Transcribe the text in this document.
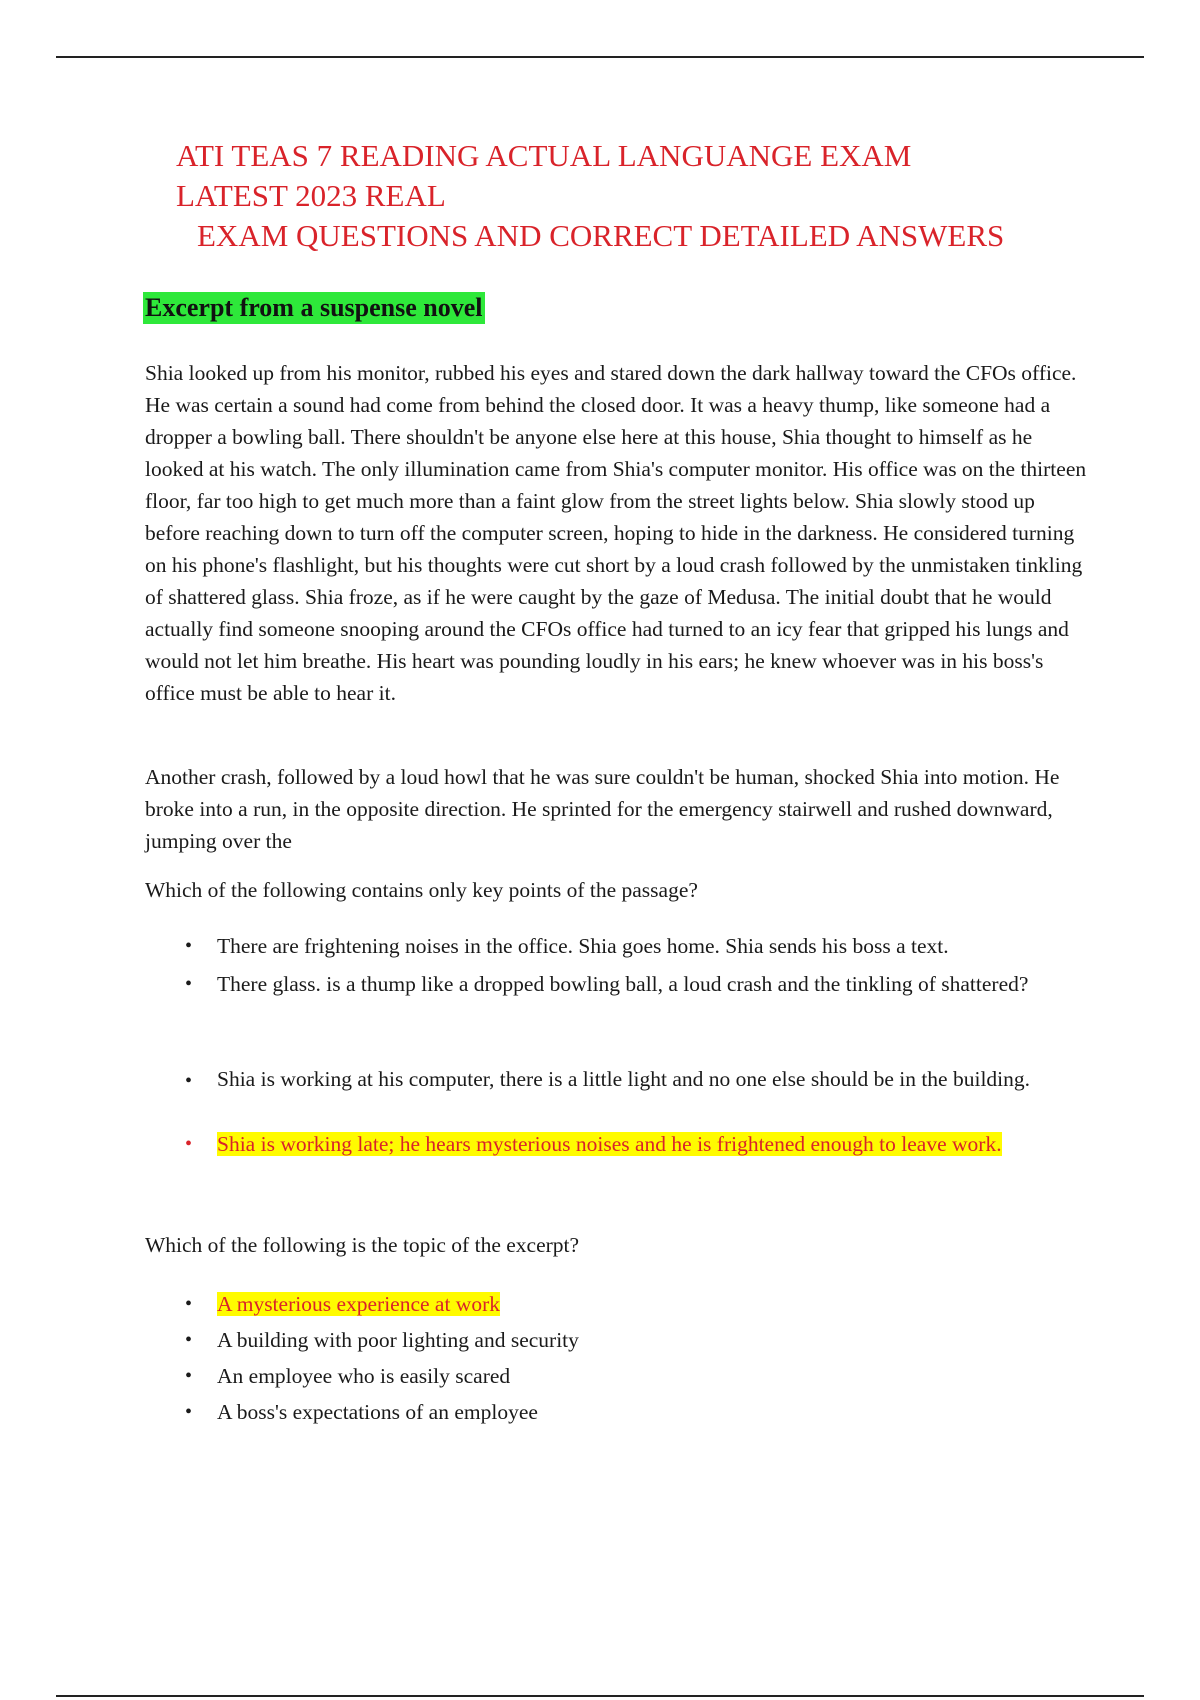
ATI TEAS 7 READING ACTUAL LANGUANGE EXAM
LATEST 2023 REAL
EXAM QUESTIONS AND CORRECT DETAILED ANSWERS
Excerpt from a suspense novel

Shia looked up from his monitor, rubbed his eyes and stared down the dark hallway toward the CFOs office. He was certain a sound had come from behind the closed door. It was a heavy thump, like someone had a dropper a bowling ball. There shouldn't be anyone else here at this house, Shia thought to himself as he looked at his watch. The only illumination came from Shia's computer monitor. His office was on the thirteen floor, far too high to get much more than a faint glow from the street lights below. Shia slowly stood up before reaching down to turn off the computer screen, hoping to hide in the darkness. He considered turning on his phone's flashlight, but his thoughts were cut short by a loud crash followed by the unmistaken tinkling of shattered glass. Shia froze, as if he were caught by the gaze of Medusa. The initial doubt that he would actually find someone snooping around the CFOs office had turned to an icy fear that gripped his lungs and would not let him breathe. His heart was pounding loudly in his ears; he knew whoever was in his boss's office must be able to hear it.

Another crash, followed by a loud howl that he was sure couldn't be human, shocked Shia into motion. He broke into a run, in the opposite direction. He sprinted for the emergency stairwell and rushed downward, jumping over the

Which of the following contains only key points of the passage?

• There are frightening noises in the office. Shia goes home. Shia sends his boss a text.
• There glass. is a thump like a dropped bowling ball, a loud crash and the tinkling of shattered?
• Shia is working at his computer, there is a little light and no one else should be in the building.
• Shia is working late; he hears mysterious noises and he is frightened enough to leave work.

Which of the following is the topic of the excerpt?

• A mysterious experience at work
• A building with poor lighting and security
• An employee who is easily scared
• A boss's expectations of an employee
